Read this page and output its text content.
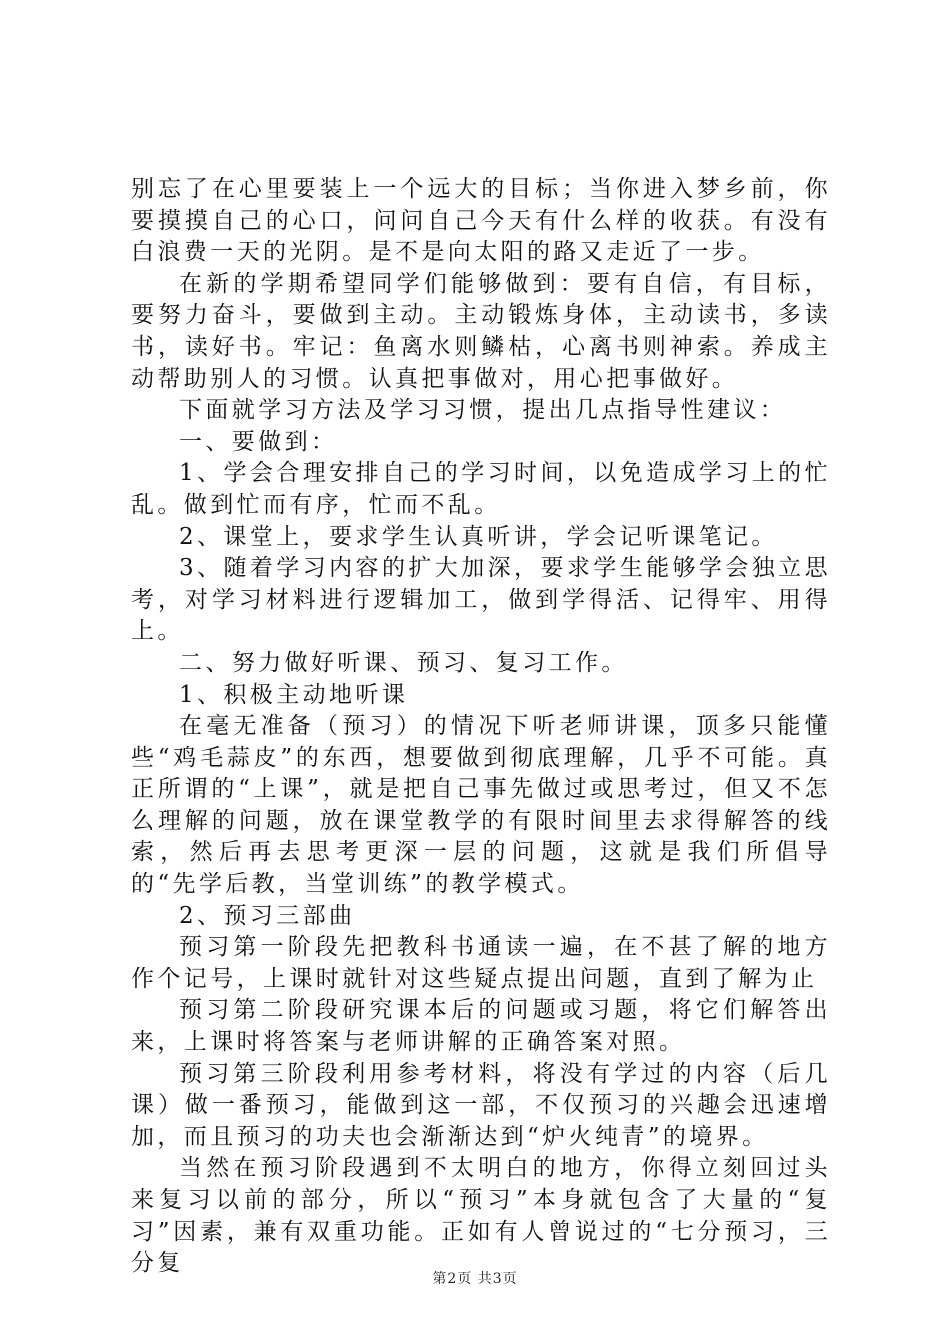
别忘了在心里要装上一个远大的目标；当你进入梦乡前，你要摸摸自己的心口，问问自己今天有什么样的收获。有没有白浪费一天的光阴。是不是向太阳的路又走近了一步。

在新的学期希望同学们能够做到：要有自信，有目标，要努力奋斗，要做到主动。主动锻炼身体，主动读书，多读书，读好书。牢记：鱼离水则鳞枯，心离书则神索。养成主动帮助别人的习惯。认真把事做对，用心把事做好。

下面就学习方法及学习习惯，提出几点指导性建议：

一、要做到：

1、学会合理安排自己的学习时间，以免造成学习上的忙乱。做到忙而有序，忙而不乱。

2、课堂上，要求学生认真听讲，学会记听课笔记。

3、随着学习内容的扩大加深，要求学生能够学会独立思考，对学习材料进行逻辑加工，做到学得活、记得牢、用得上。

二、努力做好听课、预习、复习工作。

1、积极主动地听课

在毫无准备（预习）的情况下听老师讲课，顶多只能懂些“鸡毛蒜皮”的东西，想要做到彻底理解，几乎不可能。真正所谓的“上课”，就是把自己事先做过或思考过，但又不怎么理解的问题，放在课堂教学的有限时间里去求得解答的线索，然后再去思考更深一层的问题，这就是我们所倡导的“先学后教，当堂训练”的教学模式。

2、预习三部曲

预习第一阶段先把教科书通读一遍，在不甚了解的地方作个记号，上课时就针对这些疑点提出问题，直到了解为止

预习第二阶段研究课本后的问题或习题，将它们解答出来，上课时将答案与老师讲解的正确答案对照。

预习第三阶段利用参考材料，将没有学过的内容（后几课）做一番预习，能做到这一部，不仅预习的兴趣会迅速增加，而且预习的功夫也会渐渐达到“炉火纯青”的境界。

当然在预习阶段遇到不太明白的地方，你得立刻回过头来复习以前的部分，所以“预习”本身就包含了大量的“复习”因素，兼有双重功能。正如有人曾说过的“七分预习，三分复

第2页 共3页
